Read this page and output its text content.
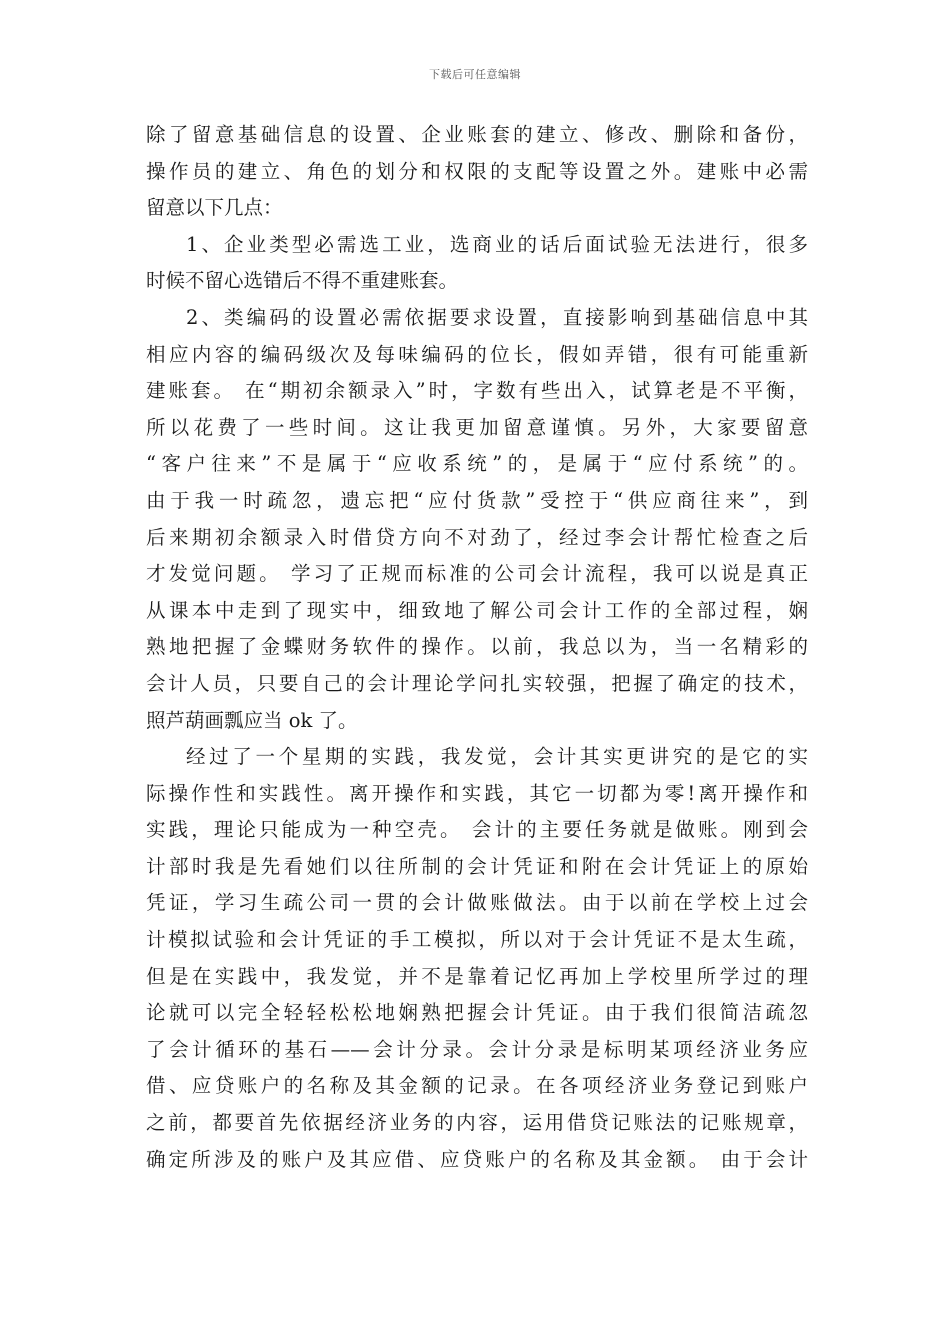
下载后可任意编辑
除了留意基础信息的设置、企业账套的建立、修改、删除和备份，
操作员的建立、角色的划分和权限的支配等设置之外。建账中必需
留意以下几点：
1、企业类型必需选工业，选商业的话后面试验无法进行，很多
时候不留心选错后不得不重建账套。
2、类编码的设置必需依据要求设置，直接影响到基础信息中其
相应内容的编码级次及每味编码的位长，假如弄错，很有可能重新
建账套。 在“期初余额录入”时，字数有些出入，试算老是不平衡，
所以花费了一些时间。这让我更加留意谨慎。另外，大家要留意
“客户往来”不是属于“应收系统”的，是属于“应付系统”的。
由于我一时疏忽，遗忘把“应付货款”受控于“供应商往来”，到
后来期初余额录入时借贷方向不对劲了，经过李会计帮忙检查之后
才发觉问题。 学习了正规而标准的公司会计流程，我可以说是真正
从课本中走到了现实中，细致地了解公司会计工作的全部过程，娴
熟地把握了金蝶财务软件的操作。以前，我总以为，当一名精彩的
会计人员，只要自己的会计理论学问扎实较强，把握了确定的技术，
照芦葫画瓢应当 ok 了。
经过了一个星期的实践，我发觉，会计其实更讲究的是它的实
际操作性和实践性。离开操作和实践，其它一切都为零!离开操作和
实践，理论只能成为一种空壳。 会计的主要任务就是做账。刚到会
计部时我是先看她们以往所制的会计凭证和附在会计凭证上的原始
凭证，学习生疏公司一贯的会计做账做法。由于以前在学校上过会
计模拟试验和会计凭证的手工模拟，所以对于会计凭证不是太生疏，
但是在实践中，我发觉，并不是靠着记忆再加上学校里所学过的理
论就可以完全轻轻松松地娴熟把握会计凭证。由于我们很简洁疏忽
了会计循环的基石——会计分录。会计分录是标明某项经济业务应
借、应贷账户的名称及其金额的记录。在各项经济业务登记到账户
之前，都要首先依据经济业务的内容，运用借贷记账法的记账规章，
确定所涉及的账户及其应借、应贷账户的名称及其金额。 由于会计
